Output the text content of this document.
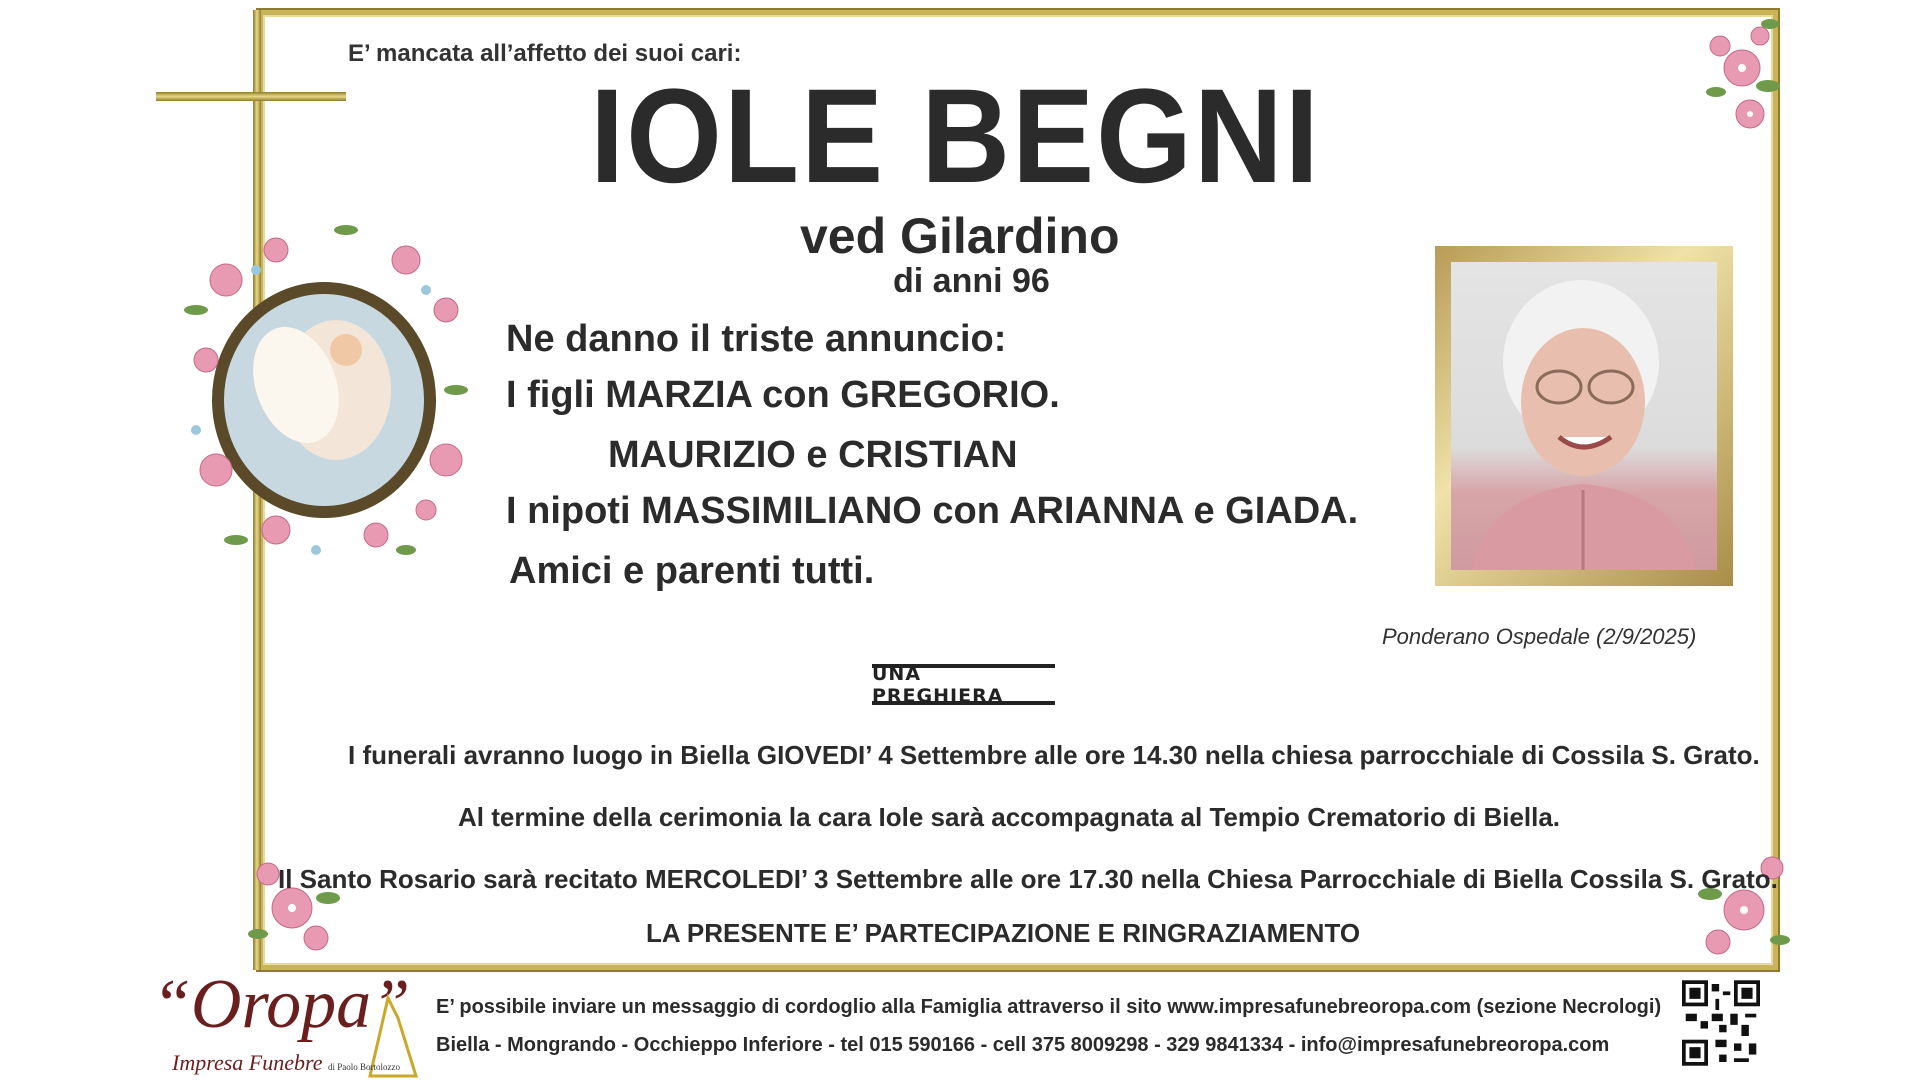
E’ mancata all’affetto dei suoi cari:
IOLE BEGNI
ved Gilardino
di anni 96
Ne danno il triste annuncio:
I figli MARZIA con GREGORIO.
MAURIZIO e CRISTIAN
I nipoti MASSIMILIANO con ARIANNA e GIADA.
Amici e parenti tutti.
Ponderano Ospedale (2/9/2025)
UNA PREGHIERA
I funerali avranno luogo in Biella GIOVEDI’ 4 Settembre alle ore 14.30 nella chiesa parrocchiale di Cossila S. Grato.
Al termine della cerimonia la cara Iole sarà accompagnata al Tempio Crematorio di Biella.
Il Santo Rosario sarà recitato MERCOLEDI’ 3 Settembre alle ore 17.30 nella Chiesa Parrocchiale di Biella Cossila S. Grato.
LA PRESENTE E’ PARTECIPAZIONE E RINGRAZIAMENTO
“Oropa”
Impresa Funebre di Paolo Bortolozzo
E’ possibile inviare un messaggio di cordoglio alla Famiglia attraverso il sito www.impresafunebreoropa.com (sezione Necrologi)
Biella - Mongrando - Occhieppo Inferiore - tel 015 590166 - cell 375 8009298 - 329 9841334 - info@impresafunebreoropa.com
